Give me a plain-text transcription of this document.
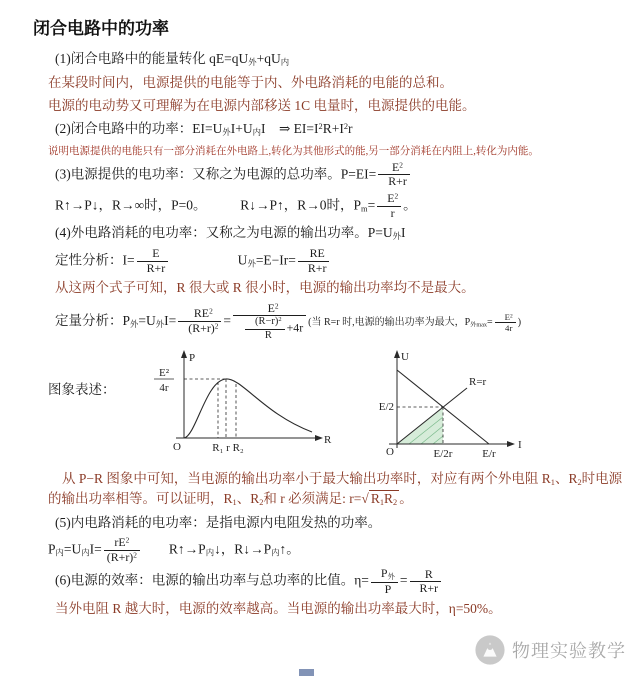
闭合电路中的功率

(1)闭合电路中的能量转化 $qE=qU_外+qU_内$

在某段时间内，电源提供的电能等于内、外电路消耗的电能的总和。

电源的电动势又可理解为在电源内部移送 1C 电量时，电源提供的电能。

(2)闭合电路中的功率：$EI=U_外I+U_内I$　⇒ $EI=I^2R+I^2r$

说明电源提供的电能只有一部分消耗在外电路上,转化为其他形式的能,另一部分消耗在内阻上,转化为内能。

(3)电源提供的电功率：又称之为电源的总功率。$P=EI= \frac{E^2}{R+r}$

R↑→P↓，R→∞时，P=0。　　　R↓→P↑，R→0时，$P_m= \frac{E^2}{r}$ 。

(4)外电路消耗的电功率：又称之为电源的输出功率。$P=U_外I$

定性分析：$I= \frac{E}{R+r}$ 　　　　　$U_外=E-Ir= \frac{RE}{R+r}$

从这两个式子可知，R 很大或 R 很小时，电源的输出功率均不是最大。

定量分析：$P_外=U_外I= \frac{RE^2}{(R+r)^2} = \frac{E^2}{\frac{(R-r)^2}{R} +4r}$ (当 R=r 时,电源的输出功率为最大，$P_{外max}= \frac{E^2}{4r}$ )

图象表述：
E²
4r
P
R
O	R₁ r R₂
U
I
E/2
O	E/2r	E/r
R=r

从 P−R 图象中可知，当电源的输出功率小于最大输出功率时，对应有两个外电阻 $R_1$、$R_2$时电源的输出功率相等。可以证明，$R_1$、$R_2$和 r 必须满足: r=√ $R_1R_2$ 。

(5)内电路消耗的电功率：是指电源内电阻发热的功率。

$P_内=U_内I= \frac{rE^2}{(R+r)^2}$ 　　$R↑\to P_内↓$，$R↓\to P_内↑$。

(6)电源的效率：电源的输出功率与总功率的比值。$\eta= \frac{P_外}{P} = \frac{R}{R+r}$

当外电阻 R 越大时，电源的效率越高。当电源的输出功率最大时，η=50%。

物理实验教学
